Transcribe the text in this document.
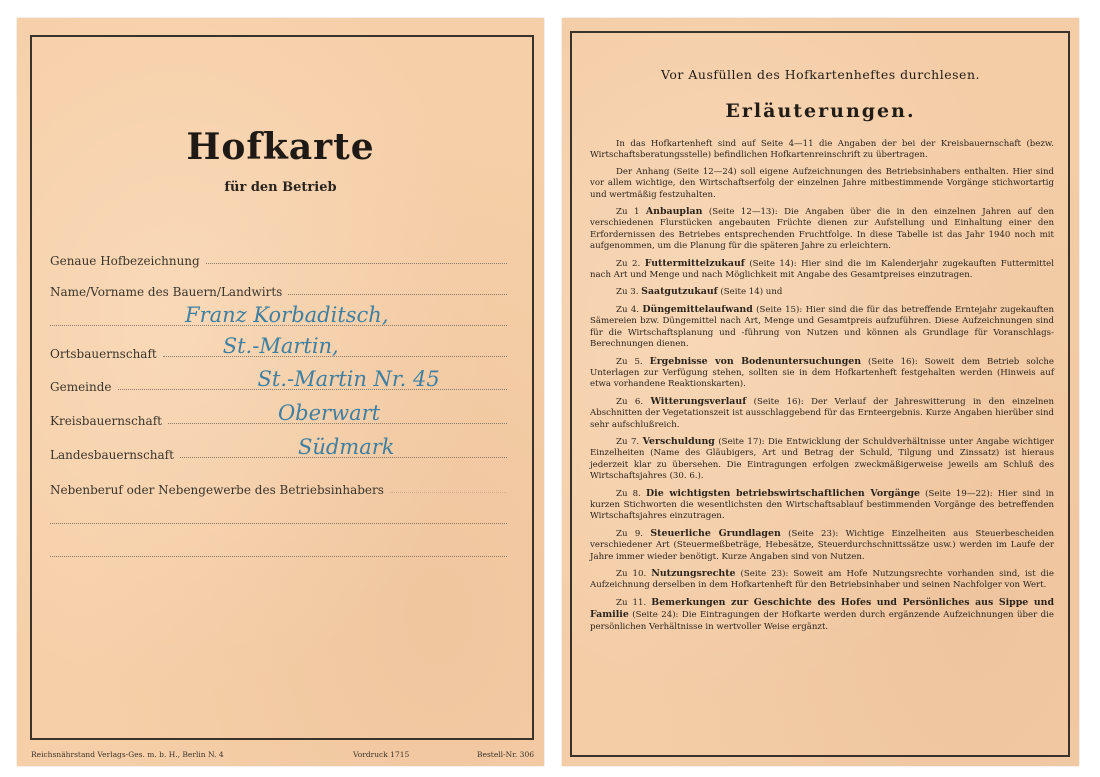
Hofkarte
für den Betrieb
Genaue Hofbezeichnung
Name/Vorname des Bauern/Landwirts
Franz Korbaditsch,
Ortsbauernschaft	St.-Martin,
Gemeinde	St.-Martin Nr. 45
Kreisbauernschaft	Oberwart
Landesbauernschaft	Südmark
Nebenberuf oder Nebengewerbe des Betriebsinhabers
Reichsnährstand Verlags-Ges. m. b. H., Berlin N. 4	Vordruck 1715	Bestell-Nr. 306
Vor Ausfüllen des Hofkartenheftes durchlesen.
Erläuterungen.

In das Hofkartenheft sind auf Seite 4—11 die Angaben der bei der Kreisbauernschaft (bezw. Wirtschaftsberatungsstelle) befindlichen Hofkartenreinschrift zu übertragen.

Der Anhang (Seite 12—24) soll eigene Aufzeichnungen des Betriebsinhabers enthalten. Hier sind vor allem wichtige, den Wirtschaftserfolg der einzelnen Jahre mitbestimmende Vorgänge stichwortartig und wertmäßig festzuhalten.

Zu 1 Anbauplan (Seite 12—13): Die Angaben über die in den einzelnen Jahren auf den verschiedenen Flurstücken angebauten Früchte dienen zur Aufstellung und Einhaltung einer den Erfordernissen des Betriebes entsprechenden Fruchtfolge. In diese Tabelle ist das Jahr 1940 noch mit aufgenommen, um die Planung für die späteren Jahre zu erleichtern.

Zu 2. Futtermittelzukauf (Seite 14): Hier sind die im Kalenderjahr zugekauften Futtermittel nach Art und Menge und nach Möglichkeit mit Angabe des Gesamtpreises einzutragen.

Zu 3. Saatgutzukauf (Seite 14) und

Zu 4. Düngemittelaufwand (Seite 15): Hier sind die für das betreffende Erntejahr zugekauften Sämereien bzw. Düngemittel nach Art, Menge und Gesamtpreis aufzuführen. Diese Aufzeichnungen sind für die Wirtschaftsplanung und -führung von Nutzen und können als Grundlage für Voranschlags-Berechnungen dienen.

Zu 5. Ergebnisse von Bodenuntersuchungen (Seite 16): Soweit dem Betrieb solche Unterlagen zur Verfügung stehen, sollten sie in dem Hofkartenheft festgehalten werden (Hinweis auf etwa vorhandene Reaktionskarten).

Zu 6. Witterungsverlauf (Seite 16): Der Verlauf der Jahreswitterung in den einzelnen Abschnitten der Vegetationszeit ist ausschlaggebend für das Ernteergebnis. Kurze Angaben hierüber sind sehr aufschlußreich.

Zu 7. Verschuldung (Seite 17): Die Entwicklung der Schuldverhältnisse unter Angabe wichtiger Einzelheiten (Name des Gläubigers, Art und Betrag der Schuld, Tilgung und Zinssatz) ist hieraus jederzeit klar zu übersehen. Die Eintragungen erfolgen zweckmäßigerweise jeweils am Schluß des Wirtschaftsjahres (30. 6.).

Zu 8. Die wichtigsten betriebswirtschaftlichen Vorgänge (Seite 19—22): Hier sind in kurzen Stichworten die wesentlichsten den Wirtschaftsablauf bestimmenden Vorgänge des betreffenden Wirtschaftsjahres einzutragen.

Zu 9. Steuerliche Grundlagen (Seite 23): Wichtige Einzelheiten aus Steuerbescheiden verschiedener Art (Steuermeßbeträge, Hebesätze, Steuerdurchschnittssätze usw.) werden im Laufe der Jahre immer wieder benötigt. Kurze Angaben sind von Nutzen.

Zu 10. Nutzungsrechte (Seite 23): Soweit am Hofe Nutzungsrechte vorhanden sind, ist die Aufzeichnung derselben in dem Hofkartenheft für den Betriebsinhaber und seinen Nachfolger von Wert.

Zu 11. Bemerkungen zur Geschichte des Hofes und Persönliches aus Sippe und Familie (Seite 24): Die Eintragungen der Hofkarte werden durch ergänzende Aufzeichnungen über die persönlichen Verhältnisse in wertvoller Weise ergänzt.
